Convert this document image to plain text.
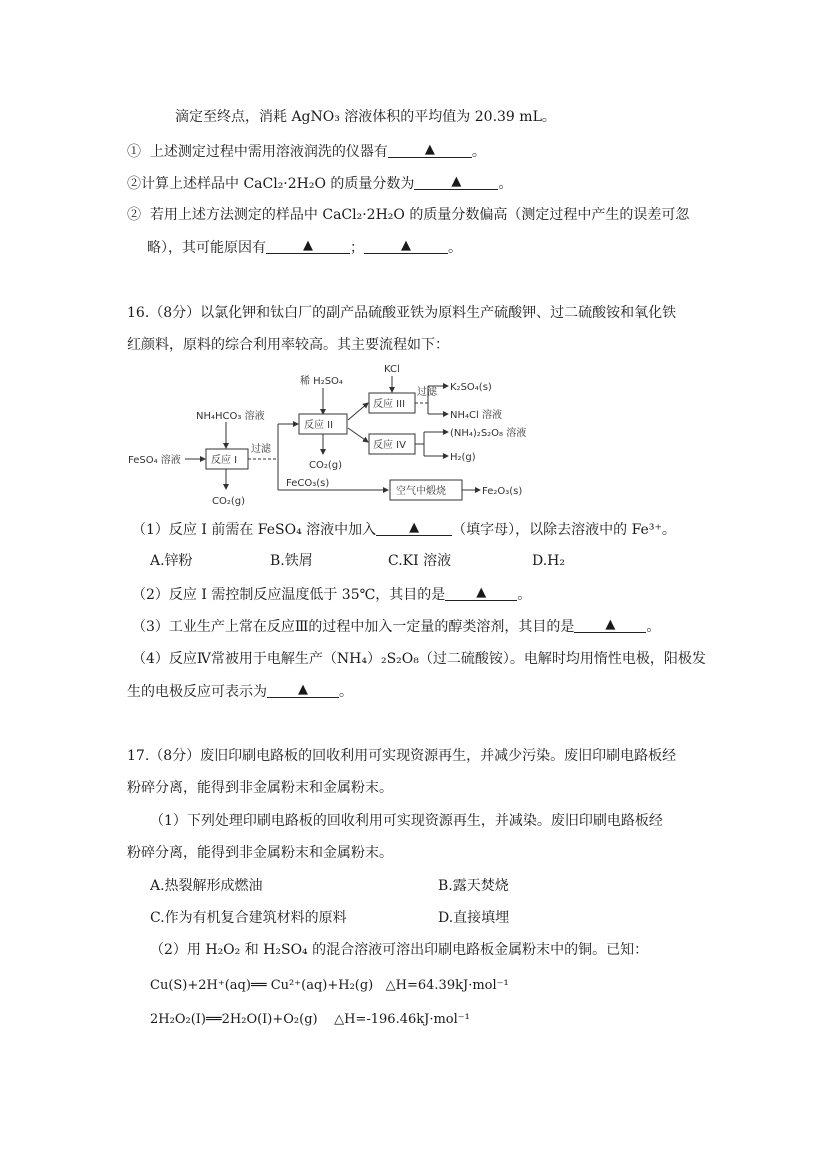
滴定至终点，消耗 AgNO₃ 溶液体积的平均值为 20.39 mL。
① 上述测定过程中需用溶液润洗的仪器有	▲	。
②计算上述样品中 CaCl₂·2H₂O 的质量分数为	▲	。
② 若用上述方法测定的样品中 CaCl₂·2H₂O 的质量分数偏高（测定过程中产生的误差可忽
略），其可能原因有	▲	；	▲	。
16.（8分）以氯化钾和钛白厂的副产品硫酸亚铁为原料生产硫酸钾、过二硫酸铵和氧化铁
红颜料，原料的综合利用率较高。其主要流程如下：
FeSO₄ 溶液
NH₄HCO₃ 溶液
反应 I
CO₂(g)
过滤
稀 H₂SO₄
反应 II
CO₂(g)
KCl
反应 III
过滤 K₂SO₄(s)
NH₄Cl 溶液
反应 IV
(NH₄)₂S₂O₈ 溶液
H₂(g)
FeCO₃(s)
空气中煅烧	Fe₂O₃(s)
（1）反应 I 前需在 FeSO₄ 溶液中加入	▲ （填字母），以除去溶液中的 Fe³⁺。
A.锌粉	B.铁屑	C.KI 溶液	D.H₂
（2）反应 I 需控制反应温度低于 35℃，其目的是 ▲ 。
（3）工业生产上常在反应Ⅲ的过程中加入一定量的醇类溶剂，其目的是 ▲ 。
（4）反应Ⅳ常被用于电解生产（NH₄）₂S₂O₈（过二硫酸铵）。电解时均用惰性电极，阳极发
生的电极反应可表示为 ▲ 。
17.（8分）废旧印刷电路板的回收利用可实现资源再生，并减少污染。废旧印刷电路板经
粉碎分离，能得到非金属粉末和金属粉末。
（1）下列处理印刷电路板的回收利用可实现资源再生，并减染。废旧印刷电路板经
粉碎分离，能得到非金属粉末和金属粉末。
A.热裂解形成燃油	B.露天焚烧
C.作为有机复合建筑材料的原料	D.直接填埋
（2）用 H₂O₂ 和 H₂SO₄ 的混合溶液可溶出印刷电路板金属粉末中的铜。已知：
Cu(S)+2H⁺(aq)══ Cu²⁺(aq)+H₂(g) △H=64.39kJ·mol⁻¹
2H₂O₂(I)══2H₂O(I)+O₂(g) △H=-196.46kJ·mol⁻¹
